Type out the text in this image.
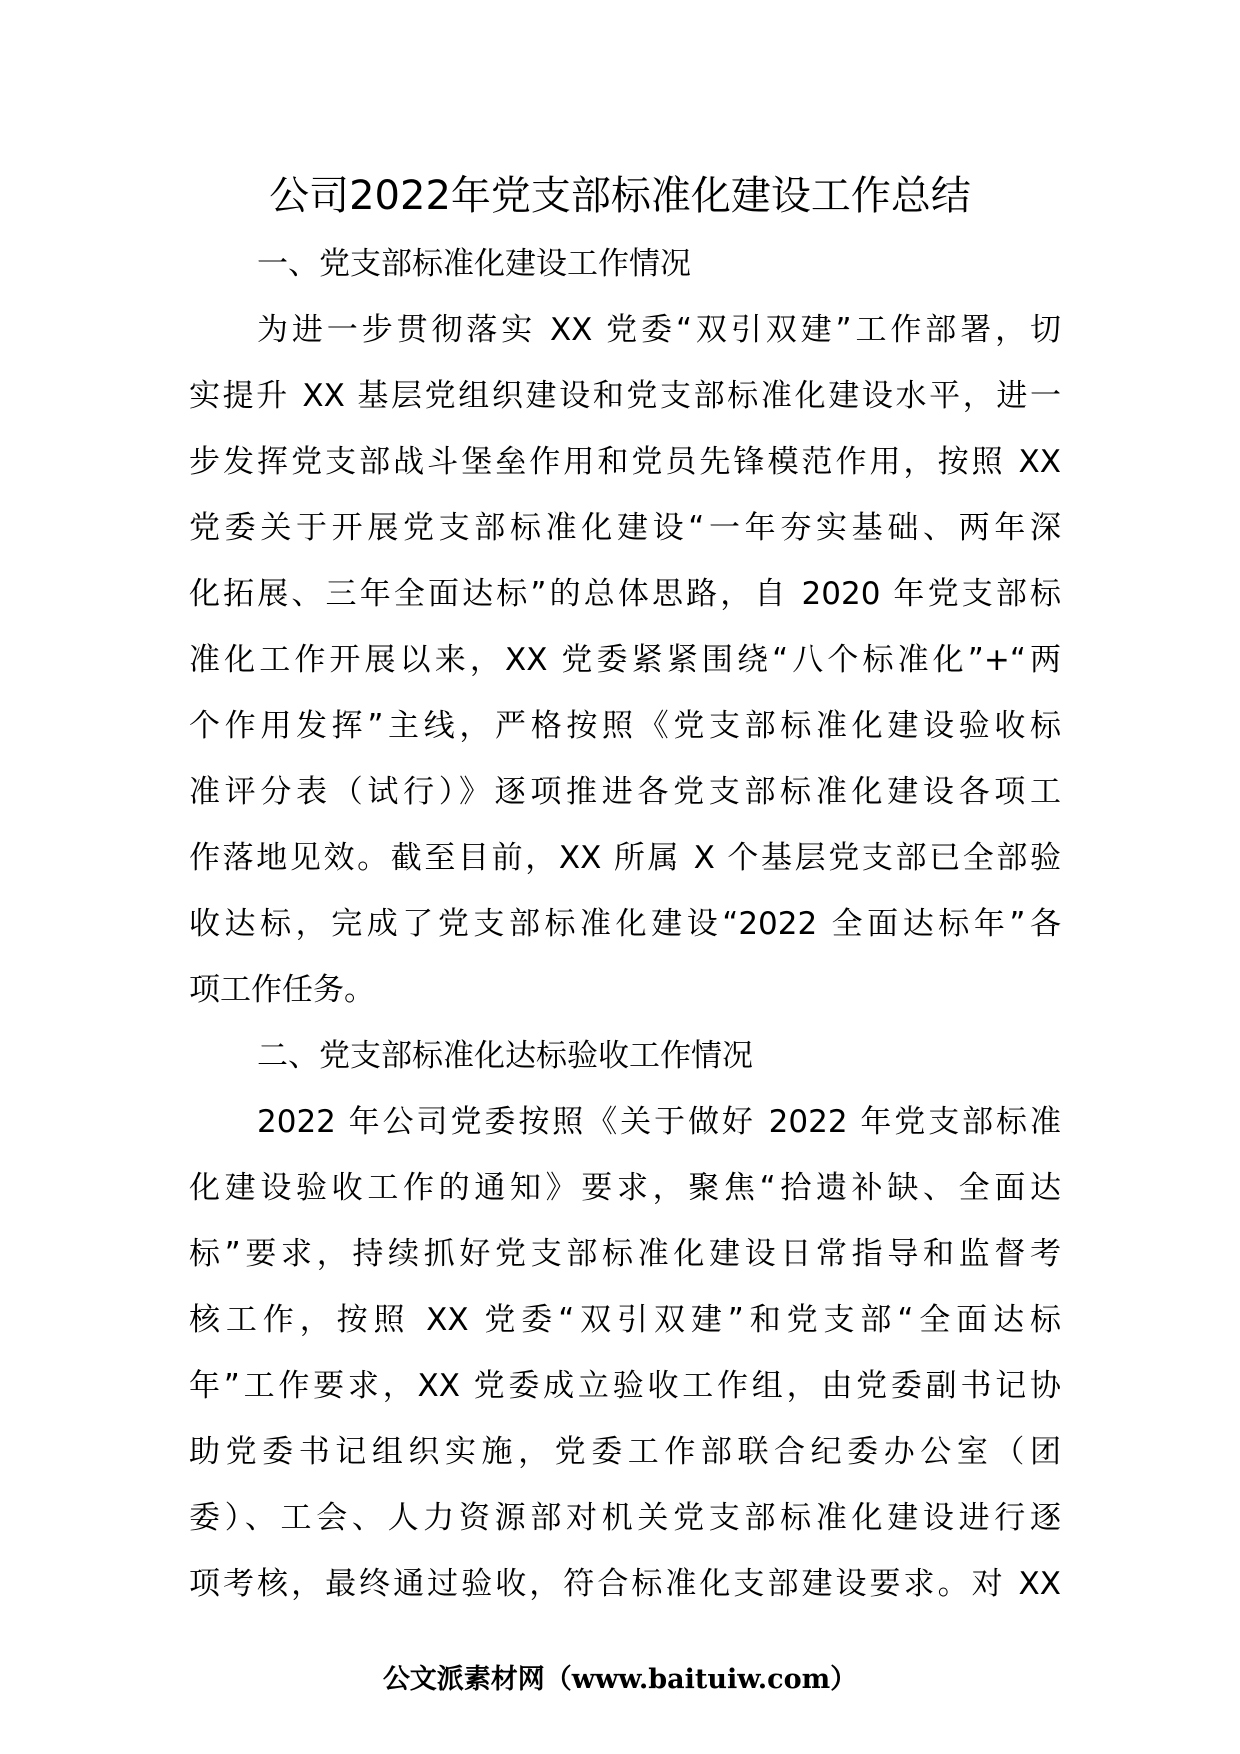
公司2022年党支部标准化建设工作总结
一、党支部标准化建设工作情况

为进一步贯彻落实 XX 党委“双引双建”工作部署，切
实提升 XX 基层党组织建设和党支部标准化建设水平，进一
步发挥党支部战斗堡垒作用和党员先锋模范作用，按照 XX
党委关于开展党支部标准化建设“一年夯实基础、两年深
化拓展、三年全面达标”的总体思路，自 2020 年党支部标
准化工作开展以来，XX 党委紧紧围绕“八个标准化”+“两
个作用发挥”主线，严格按照《党支部标准化建设验收标
准评分表（试行）》逐项推进各党支部标准化建设各项工
作落地见效。截至目前，XX 所属 X 个基层党支部已全部验
收达标，完成了党支部标准化建设“2022 全面达标年”各
项工作任务。

二、党支部标准化达标验收工作情况

2022 年公司党委按照《关于做好 2022 年党支部标准
化建设验收工作的通知》要求，聚焦“拾遗补缺、全面达
标”要求，持续抓好党支部标准化建设日常指导和监督考
核工作，按照 XX 党委“双引双建”和党支部“全面达标
年”工作要求，XX 党委成立验收工作组，由党委副书记协
助党委书记组织实施，党委工作部联合纪委办公室（团
委）、工会、人力资源部对机关党支部标准化建设进行逐
项考核，最终通过验收，符合标准化支部建设要求。对 XX

公文派素材网（www.baituiw.com）
